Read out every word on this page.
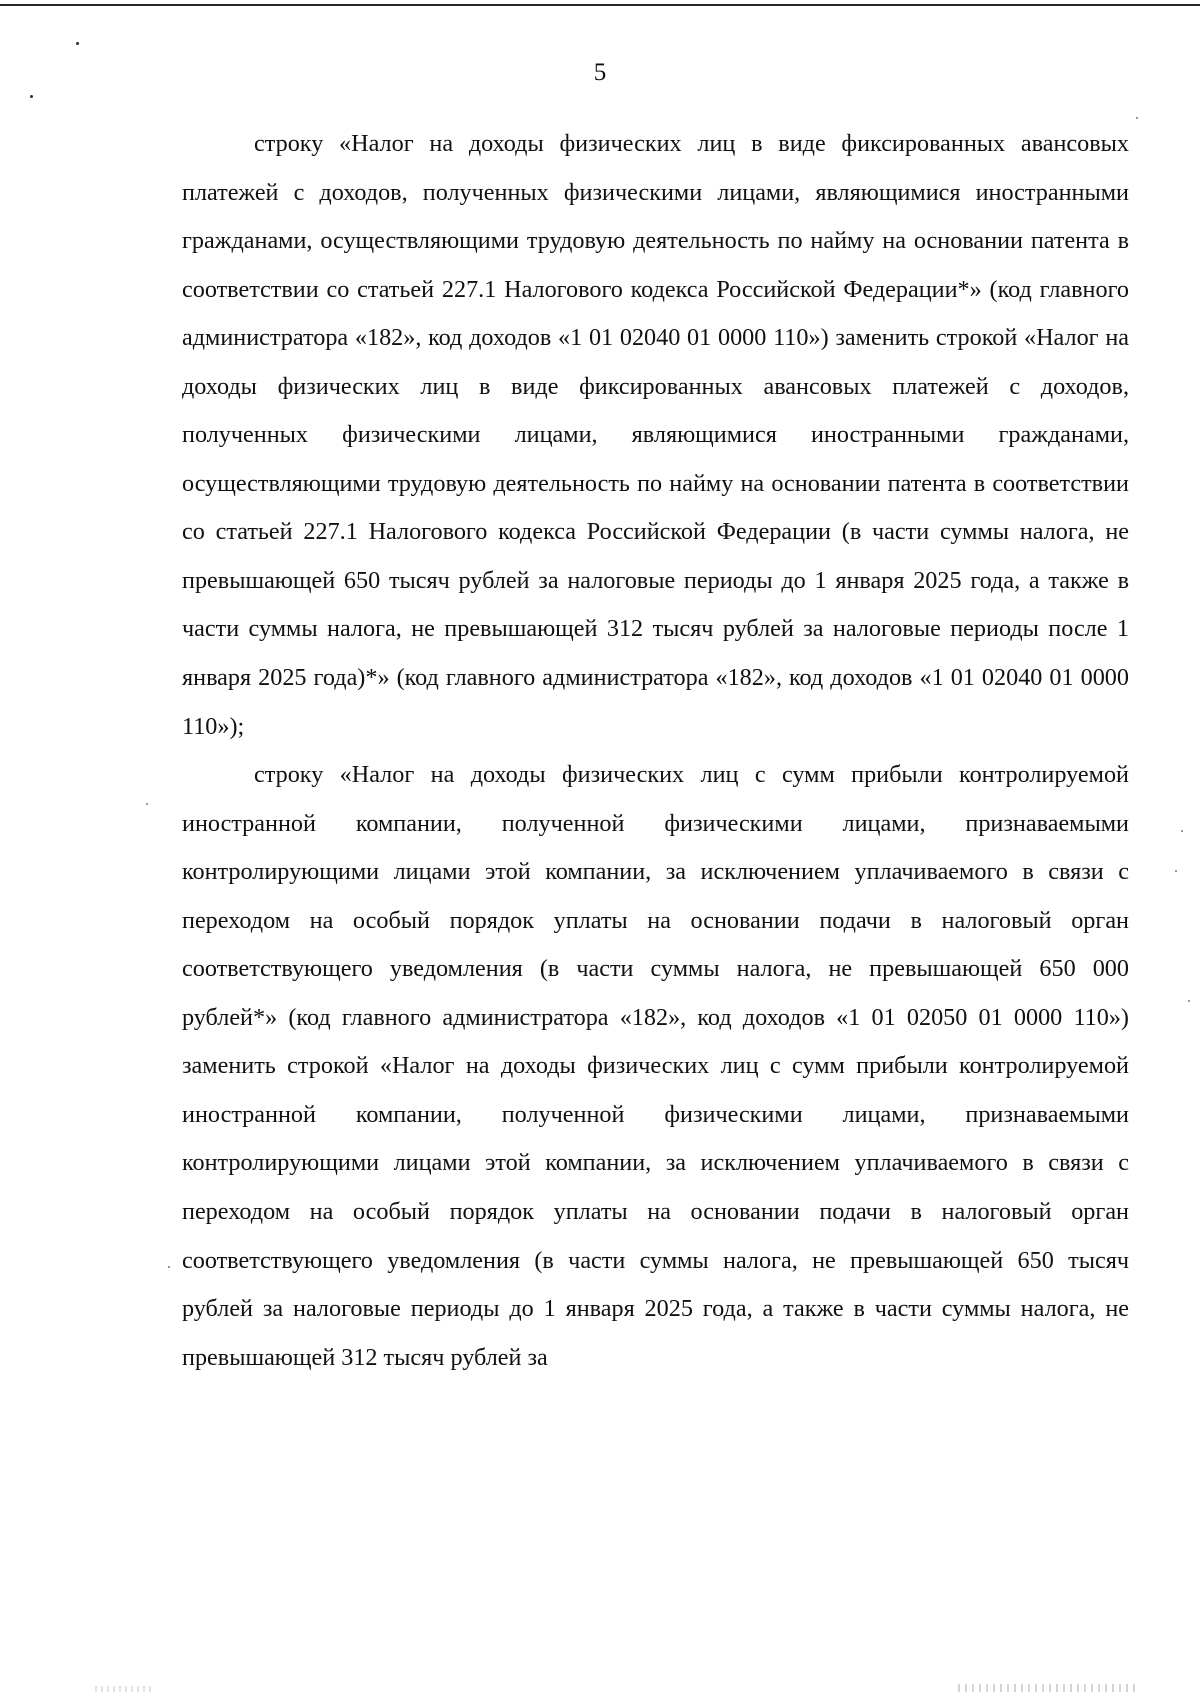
5

строку «Налог на доходы физических лиц в виде фиксированных авансовых платежей с доходов, полученных физическими лицами, являющимися иностранными гражданами, осуществляющими трудовую деятельность по найму на основании патента в соответствии со статьей 227.1 Налогового кодекса Российской Федерации*» (код главного администратора «182», код доходов «1 01 02040 01 0000 110») заменить строкой «Налог на доходы физических лиц в виде фиксированных авансовых платежей с доходов, полученных физическими лицами, являющимися иностранными гражданами, осуществляющими трудовую деятельность по найму на основании патента в соответствии со статьей 227.1 Налогового кодекса Российской Федерации (в части суммы налога, не превышающей 650 тысяч рублей за налоговые периоды до 1 января 2025 года, а также в части суммы налога, не превышающей 312 тысяч рублей за налоговые периоды после 1 января 2025 года)*» (код главного администратора «182», код доходов «1 01 02040 01 0000 110»);

строку «Налог на доходы физических лиц с сумм прибыли контролируемой иностранной компании, полученной физическими лицами, признаваемыми контролирующими лицами этой компании, за исключением уплачиваемого в связи с переходом на особый порядок уплаты на основании подачи в налоговый орган соответствующего уведомления (в части суммы налога, не превышающей 650 000 рублей*» (код главного администратора «182», код доходов «1 01 02050 01 0000 110») заменить строкой «Налог на доходы физических лиц с сумм прибыли контролируемой иностранной компании, полученной физическими лицами, признаваемыми контролирующими лицами этой компании, за исключением уплачиваемого в связи с переходом на особый порядок уплаты на основании подачи в налоговый орган соответствующего уведомления (в части суммы налога, не превышающей 650 тысяч рублей за налоговые периоды до 1 января 2025 года, а также в части суммы налога, не превышающей 312 тысяч рублей за
